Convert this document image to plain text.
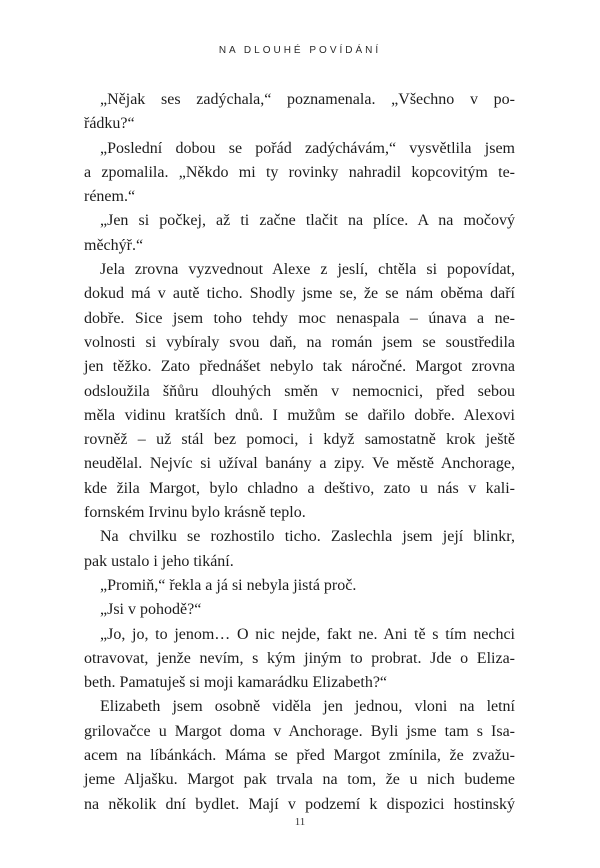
NA DLOUHÉ POVÍDÁNÍ
„Nějak ses zadýchala,“ poznamenala. „Všechno v po-
řádku?“
„Poslední dobou se pořád zadýchávám,“ vysvětlila jsem
a zpomalila. „Někdo mi ty rovinky nahradil kopcovitým te-
rénem.“
„Jen si počkej, až ti začne tlačit na plíce. A na močový
měchýř.“
Jela zrovna vyzvednout Alexe z jeslí, chtěla si popovídat,
dokud má v autě ticho. Shodly jsme se, že se nám oběma daří
dobře. Sice jsem toho tehdy moc nenaspala – únava a ne-
volnosti si vybíraly svou daň, na román jsem se soustředila
jen těžko. Zato přednášet nebylo tak náročné. Margot zrovna
odsloužila šňůru dlouhých směn v nemocnici, před sebou
měla vidinu kratších dnů. I mužům se dařilo dobře. Alexovi
rovněž – už stál bez pomoci, i když samostatně krok ještě
neudělal. Nejvíc si užíval banány a zipy. Ve městě Anchorage,
kde žila Margot, bylo chladno a deštivo, zato u nás v kali-
fornském Irvinu bylo krásně teplo.
Na chvilku se rozhostilo ticho. Zaslechla jsem její blinkr,
pak ustalo i jeho tikání.
„Promiň,“ řekla a já si nebyla jistá proč.
„Jsi v pohodě?“
„Jo, jo, to jenom… O nic nejde, fakt ne. Ani tě s tím nechci
otravovat, jenže nevím, s kým jiným to probrat. Jde o Eliza-
beth. Pamatuješ si moji kamarádku Elizabeth?“
Elizabeth jsem osobně viděla jen jednou, vloni na letní
grilovačce u Margot doma v Anchorage. Byli jsme tam s Isa-
acem na líbánkách. Máma se před Margot zmínila, že zvažu-
jeme Aljašku. Margot pak trvala na tom, že u nich budeme
na několik dní bydlet. Mají v podzemí k dispozici hostinský
11
